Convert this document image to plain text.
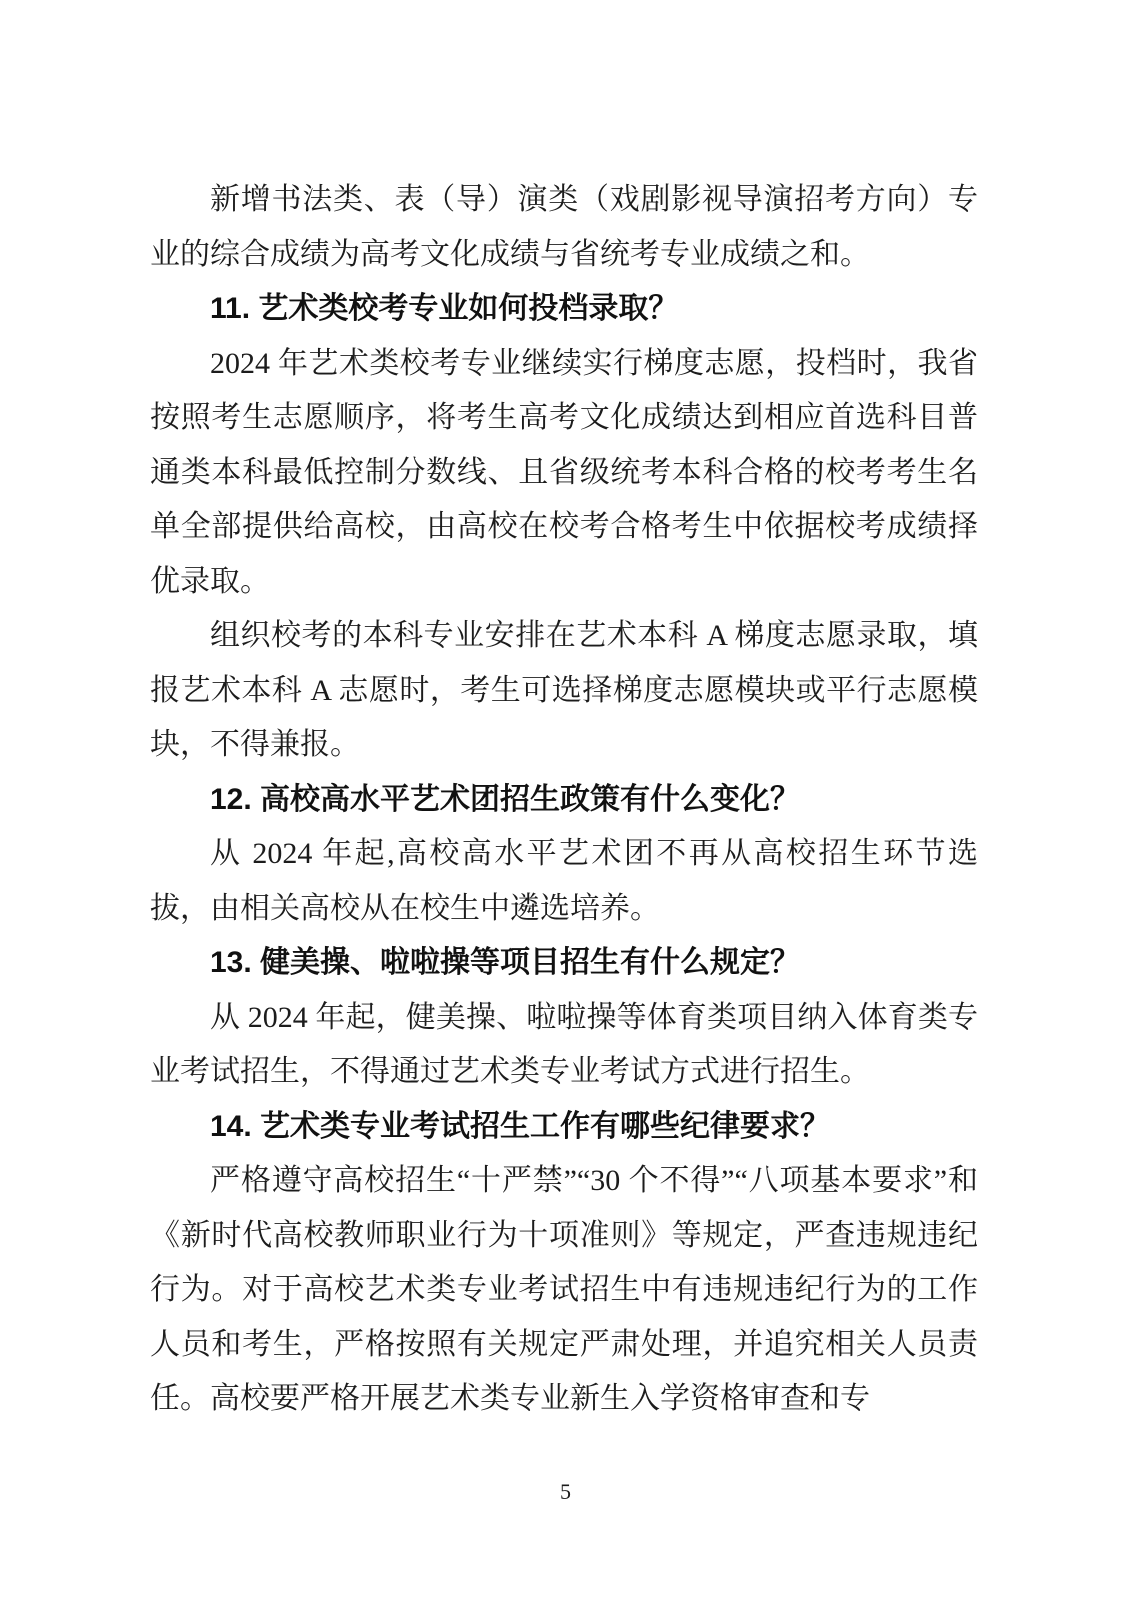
新增书法类、表（导）演类（戏剧影视导演招考方向）专业的综合成绩为高考文化成绩与省统考专业成绩之和。

11. 艺术类校考专业如何投档录取？

2024 年艺术类校考专业继续实行梯度志愿，投档时，我省按照考生志愿顺序，将考生高考文化成绩达到相应首选科目普通类本科最低控制分数线、且省级统考本科合格的校考考生名单全部提供给高校，由高校在校考合格考生中依据校考成绩择优录取。

组织校考的本科专业安排在艺术本科 A 梯度志愿录取，填报艺术本科 A 志愿时，考生可选择梯度志愿模块或平行志愿模块，不得兼报。

12. 高校高水平艺术团招生政策有什么变化？

从 2024 年起,高校高水平艺术团不再从高校招生环节选拔，由相关高校从在校生中遴选培养。

13. 健美操、啦啦操等项目招生有什么规定？

从 2024 年起，健美操、啦啦操等体育类项目纳入体育类专业考试招生，不得通过艺术类专业考试方式进行招生。

14. 艺术类专业考试招生工作有哪些纪律要求？

严格遵守高校招生“十严禁”“30 个不得”“八项基本要求”和《新时代高校教师职业行为十项准则》等规定，严查违规违纪行为。对于高校艺术类专业考试招生中有违规违纪行为的工作人员和考生，严格按照有关规定严肃处理，并追究相关人员责任。高校要严格开展艺术类专业新生入学资格审查和专

5
